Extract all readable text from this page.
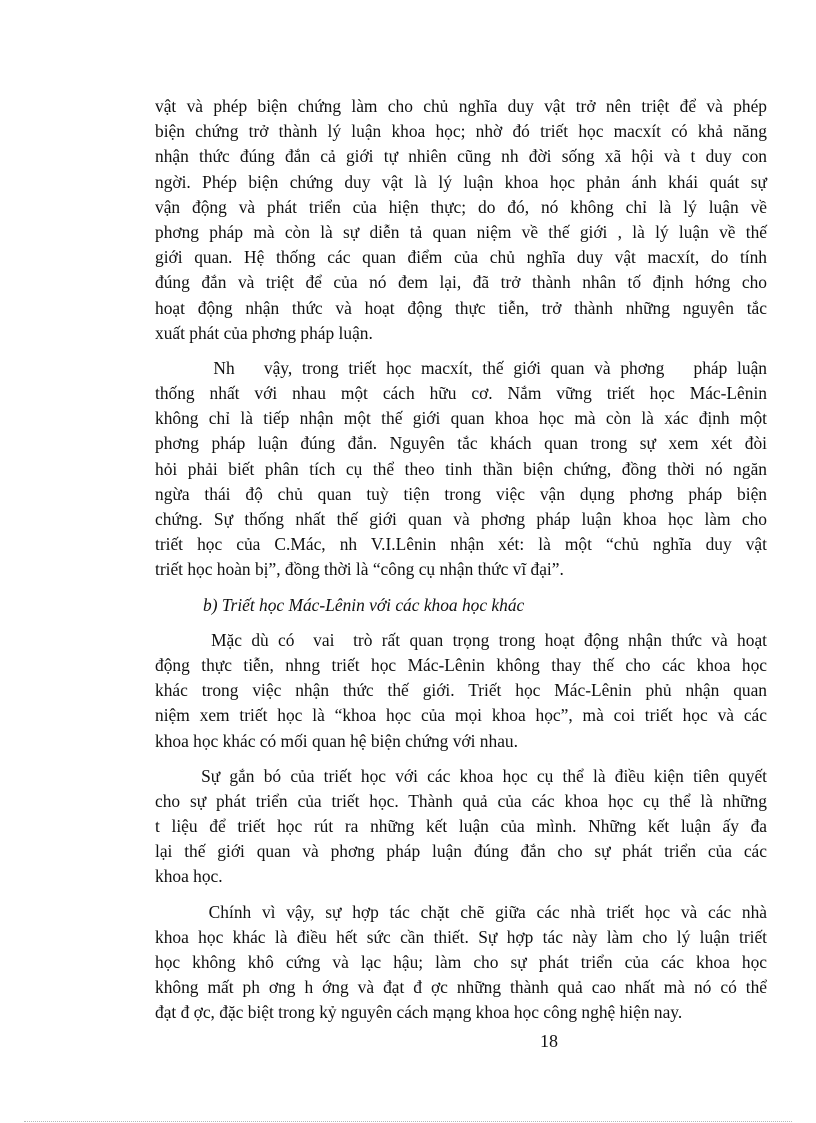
vật và phép biện chứng làm cho chủ nghĩa duy vật trở nên triệt để và phép
biện chứng trở thành lý luận khoa học; nhờ đó triết học macxít có khả năng
nhận thức đúng đắn cả giới tự nhiên cũng nh đời sống xã hội và t duy con
ngời. Phép biện chứng duy vật là lý luận khoa học phản ánh khái quát sự
vận động và phát triển của hiện thực; do đó, nó không chỉ là lý luận về
phơng pháp mà còn là sự diễn tả quan niệm về thế giới , là lý luận về thế
giới quan. Hệ thống các quan điểm của chủ nghĩa duy vật macxít, do tính
đúng đắn và triệt để của nó đem lại, đã trở thành nhân tố định hớng cho
hoạt động nhận thức và hoạt động thực tiễn, trở thành những nguyên tắc
xuất phát của phơng pháp luận.
Nh   vậy, trong triết học macxít, thế giới quan và phơng   pháp luận
thống nhất với nhau một cách hữu cơ. Nắm vững triết học Mác-Lênin
không chỉ là tiếp nhận một thế giới quan khoa học mà còn là xác định một
phơng pháp luận đúng đắn. Nguyên tắc khách quan trong sự xem xét đòi
hỏi phải biết phân tích cụ thể theo tinh thần biện chứng, đồng thời nó ngăn
ngừa thái độ chủ quan tuỳ tiện trong việc vận dụng phơng pháp biện
chứng. Sự thống nhất thế giới quan và phơng pháp luận khoa học làm cho
triết học của C.Mác, nh V.I.Lênin nhận xét: là một “chủ nghĩa duy vật
triết học hoàn bị”, đồng thời là “công cụ nhận thức vĩ đại”.
b) Triết học Mác-Lênin với các khoa học khác
Mặc dù có  vai  trò rất quan trọng trong hoạt động nhận thức và hoạt
động thực tiễn, nhng triết học Mác-Lênin không thay thế cho các khoa học
khác trong việc nhận thức thế giới. Triết học Mác-Lênin phủ nhận quan
niệm xem triết học là “khoa học của mọi khoa học”, mà coi triết học và các
khoa học khác có mối quan hệ biện chứng với nhau.
Sự gắn bó của triết học với các khoa học cụ thể là điều kiện tiên quyết
cho sự phát triển của triết học. Thành quả của các khoa học cụ thể là những
t liệu để triết học rút ra những kết luận của mình. Những kết luận ấy đa
lại thế giới quan và phơng pháp luận đúng đắn cho sự phát triển của các
khoa học.
Chính vì vậy, sự hợp tác chặt chẽ giữa các nhà triết học và các nhà
khoa học khác là điều hết sức cần thiết. Sự hợp tác này làm cho lý luận triết
học không khô cứng và lạc hậu; làm cho sự phát triển của các khoa học
không mất ph ơng h ớng và đạt đ ợc những thành quả cao nhất mà nó có thể
đạt đ ợc, đặc biệt trong kỷ nguyên cách mạng khoa học công nghệ hiện nay.
18
